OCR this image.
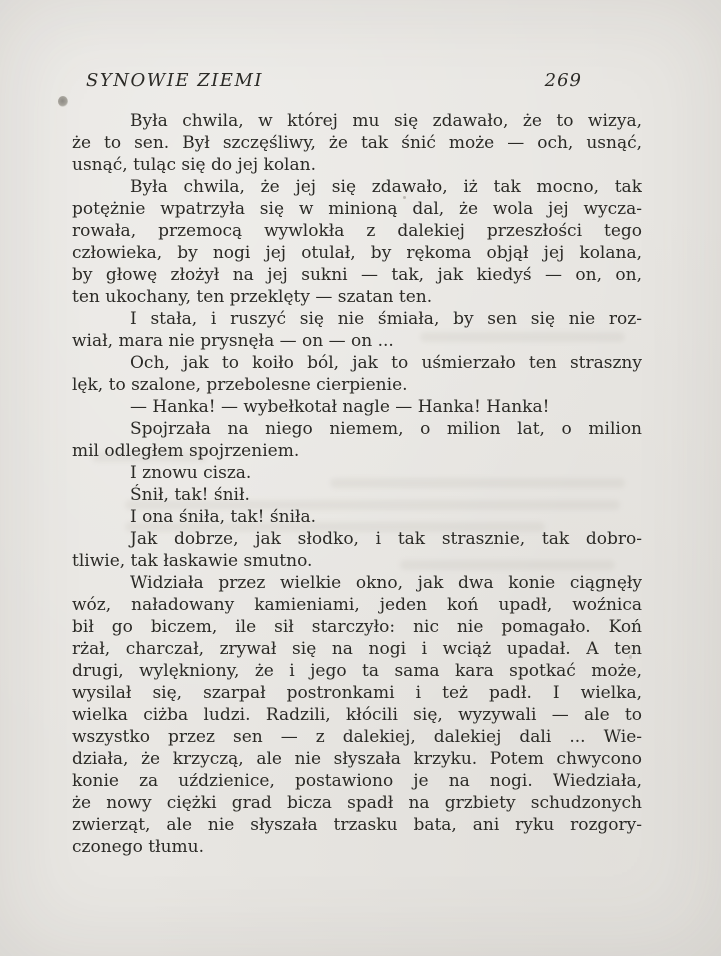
SYNOWIE ZIEMI	269
Była chwila, w której mu się zdawało, że to wizya,
że to sen. Był szczęśliwy, że tak śnić może — och, usnąć,
usnąć, tuląc się do jej kolan.
Była chwila, że jej się zdawało, iż tak mocno, tak
potężnie wpatrzyła się w minioną dal, że wola jej wycza-
rowała, przemocą wywlokła z dalekiej przeszłości tego
człowieka, by nogi jej otulał, by rękoma objął jej kolana,
by głowę złożył na jej sukni — tak, jak kiedyś — on, on,
ten ukochany, ten przeklęty — szatan ten.
I stała, i ruszyć się nie śmiała, by sen się nie roz-
wiał, mara nie prysnęła — on — on ...
Och, jak to koiło ból, jak to uśmierzało ten straszny
lęk, to szalone, przebolesne cierpienie.
— Hanka! — wybełkotał nagle — Hanka! Hanka!
Spojrzała na niego niemem, o milion lat, o milion
mil odległem spojrzeniem.
I znowu cisza.
Śnił, tak! śnił.
I ona śniła, tak! śniła.
Jak dobrze, jak słodko, i tak strasznie, tak dobro-
tliwie, tak łaskawie smutno.
Widziała przez wielkie okno, jak dwa konie ciągnęły
wóz, naładowany kamieniami, jeden koń upadł, woźnica
bił go biczem, ile sił starczyło: nic nie pomagało. Koń
rżał, charczał, zrywał się na nogi i wciąż upadał. A ten
drugi, wylękniony, że i jego ta sama kara spotkać może,
wysilał się, szarpał postronkami i też padł. I wielka,
wielka ciżba ludzi. Radzili, kłócili się, wyzywali — ale to
wszystko przez sen — z dalekiej, dalekiej dali ... Wie-
działa, że krzyczą, ale nie słyszała krzyku. Potem chwycono
konie za uździenice, postawiono je na nogi. Wiedziała,
że nowy ciężki grad bicza spadł na grzbiety schudzonych
zwierząt, ale nie słyszała trzasku bata, ani ryku rozgory-
czonego tłumu.
